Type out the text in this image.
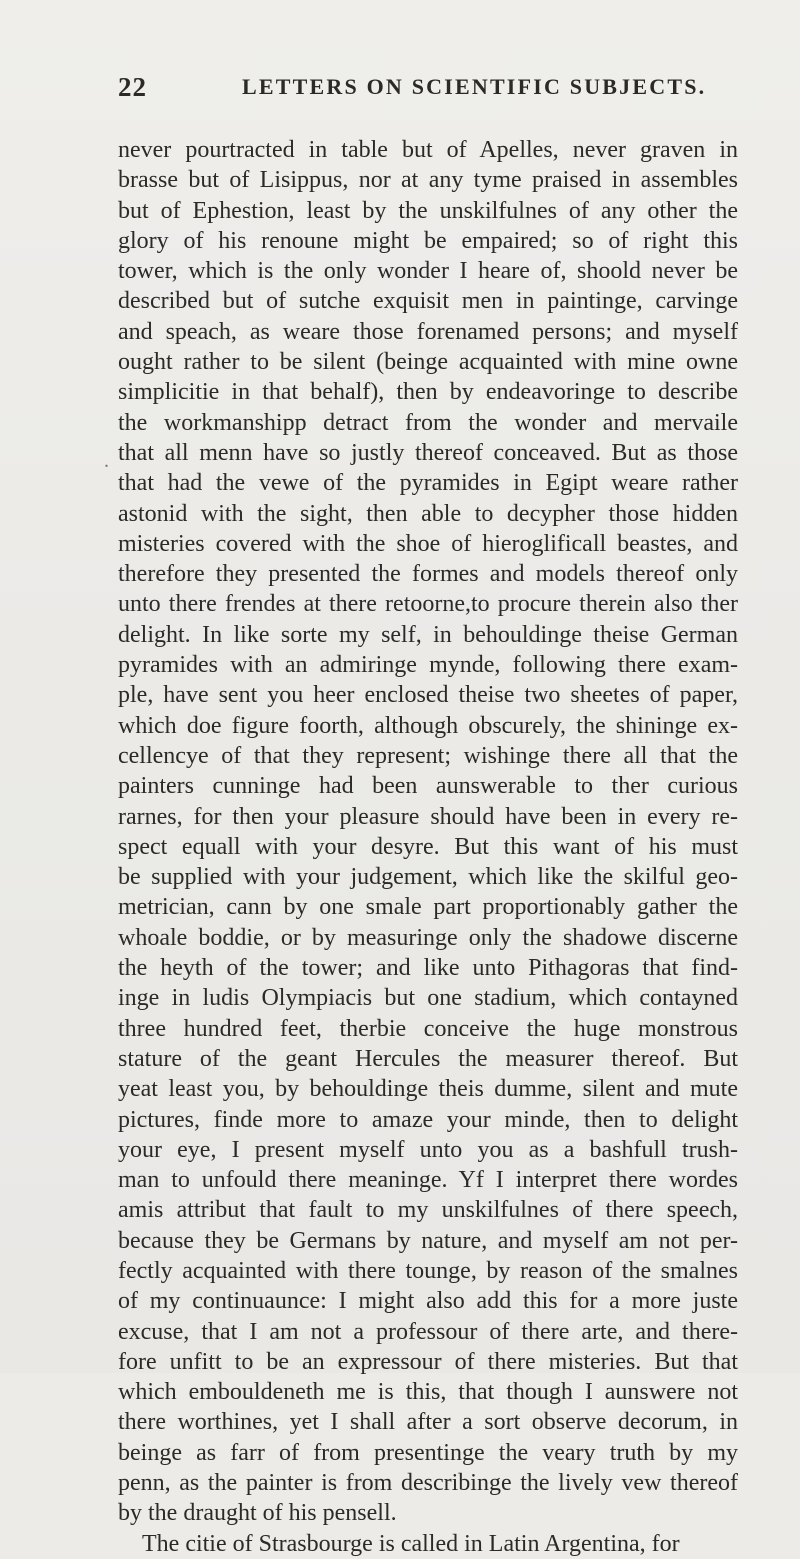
22	LETTERS ON SCIENTIFIC SUBJECTS.
.
never pourtracted in table but of Apelles, never graven in
brasse but of Lisippus, nor at any tyme praised in assembles
but of Ephestion, least by the unskilfulnes of any other the
glory of his renoune might be empaired; so of right this
tower, which is the only wonder I heare of, shoold never be
described but of sutche exquisit men in paintinge, carvinge
and speach, as weare those forenamed persons; and myself
ought rather to be silent (beinge acquainted with mine owne
simplicitie in that behalf), then by endeavoringe to describe
the workmanshipp detract from the wonder and mervaile
that all menn have so justly thereof conceaved. But as those
that had the vewe of the pyramides in Egipt weare rather
astonid with the sight, then able to decypher those hidden
misteries covered with the shoe of hieroglificall beastes, and
therefore they presented the formes and models thereof only
unto there frendes at there retoorne,to procure therein also ther
delight. In like sorte my self, in behouldinge theise German
pyramides with an admiringe mynde, following there exam-
ple, have sent you heer enclosed theise two sheetes of paper,
which doe figure foorth, although obscurely, the shininge ex-
cellencye of that they represent; wishinge there all that the
painters cunninge had been aunswerable to ther curious
rarnes, for then your pleasure should have been in every re-
spect equall with your desyre. But this want of his must
be supplied with your judgement, which like the skilful geo-
metrician, cann by one smale part proportionably gather the
whoale boddie, or by measuringe only the shadowe discerne
the heyth of the tower; and like unto Pithagoras that find-
inge in ludis Olympiacis but one stadium, which contayned
three hundred feet, therbie conceive the huge monstrous
stature of the geant Hercules the measurer thereof. But
yeat least you, by behouldinge theis dumme, silent and mute
pictures, finde more to amaze your minde, then to delight
your eye, I present myself unto you as a bashfull trush-
man to unfould there meaninge. Yf I interpret there wordes
amis attribut that fault to my unskilfulnes of there speech,
because they be Germans by nature, and myself am not per-
fectly acquainted with there tounge, by reason of the smalnes
of my continuaunce: I might also add this for a more juste
excuse, that I am not a professour of there arte, and there-
fore unfitt to be an expressour of there misteries. But that
which embouldeneth me is this, that though I aunswere not
there worthines, yet I shall after a sort observe decorum, in
beinge as farr of from presentinge the veary truth by my
penn, as the painter is from describinge the lively vew thereof
by the draught of his pensell.
The citie of Strasbourge is called in Latin Argentina, for
